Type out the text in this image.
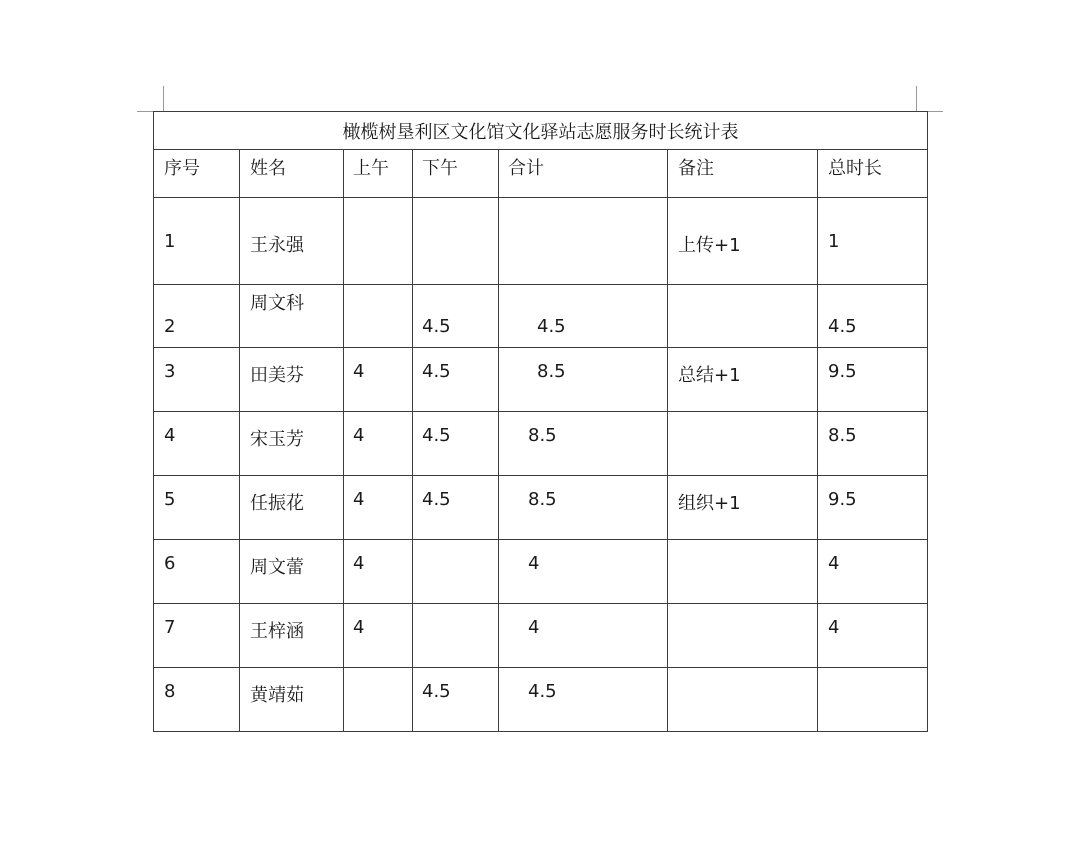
橄榄树垦利区文化馆文化驿站志愿服务时长统计表						
序号	姓名	上午	下午	合计	备注	总时长
1	王永强				上传+1	1
2	周文科		4.5	4.5		4.5
3	田美芬	4	4.5	8.5	总结+1	9.5
4	宋玉芳	4	4.5	8.5		8.5
5	任振花	4	4.5	8.5	组织+1	9.5
6	周文蕾	4		4		4
7	王梓涵	4		4		4
8	黄靖茹		4.5	4.5		
